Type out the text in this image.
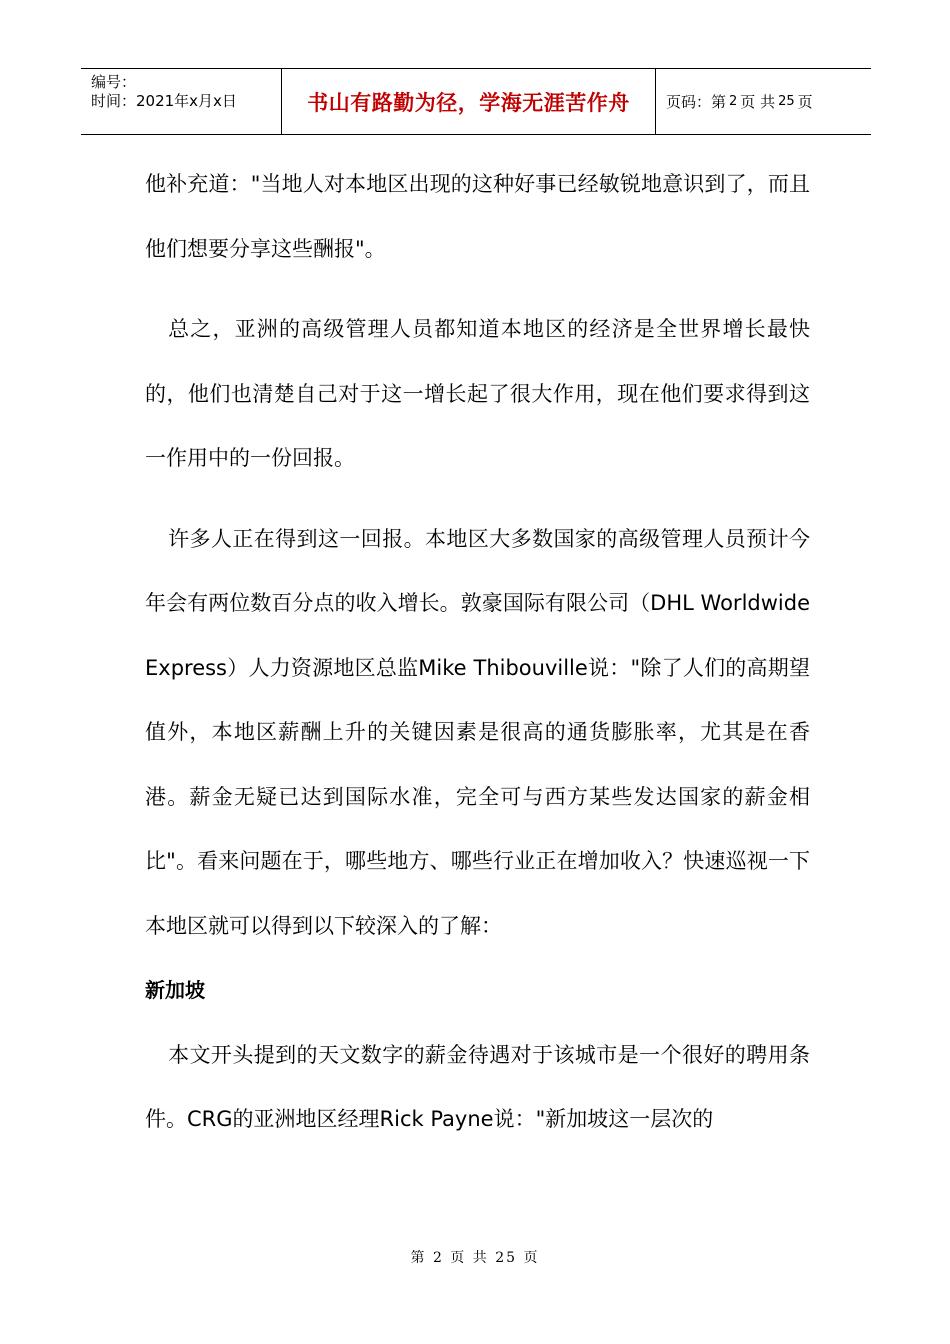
编号：
时间：2021年x月x日	书山有路勤为径，学海无涯苦作舟 页码：第 2 页 共 25 页

他补充道："当地人对本地区出现的这种好事已经敏锐地意识到了，而且他们想要分享这些酬报"。

总之，亚洲的高级管理人员都知道本地区的经济是全世界增长最快的，他们也清楚自己对于这一增长起了很大作用，现在他们要求得到这一作用中的一份回报。

许多人正在得到这一回报。本地区大多数国家的高级管理人员预计今年会有两位数百分点的收入增长。敦豪国际有限公司（DHL Worldwide Express）人力资源地区总监Mike Thibouville说："除了人们的高期望值外，本地区薪酬上升的关键因素是很高的通货膨胀率，尤其是在香港。薪金无疑已达到国际水准，完全可与西方某些发达国家的薪金相比"。看来问题在于，哪些地方、哪些行业正在增加收入？快速巡视一下本地区就可以得到以下较深入的了解：

新加坡

本文开头提到的天文数字的薪金待遇对于该城市是一个很好的聘用条件。CRG的亚洲地区经理Rick Payne说："新加坡这一层次的

第 2 页 共 25 页
